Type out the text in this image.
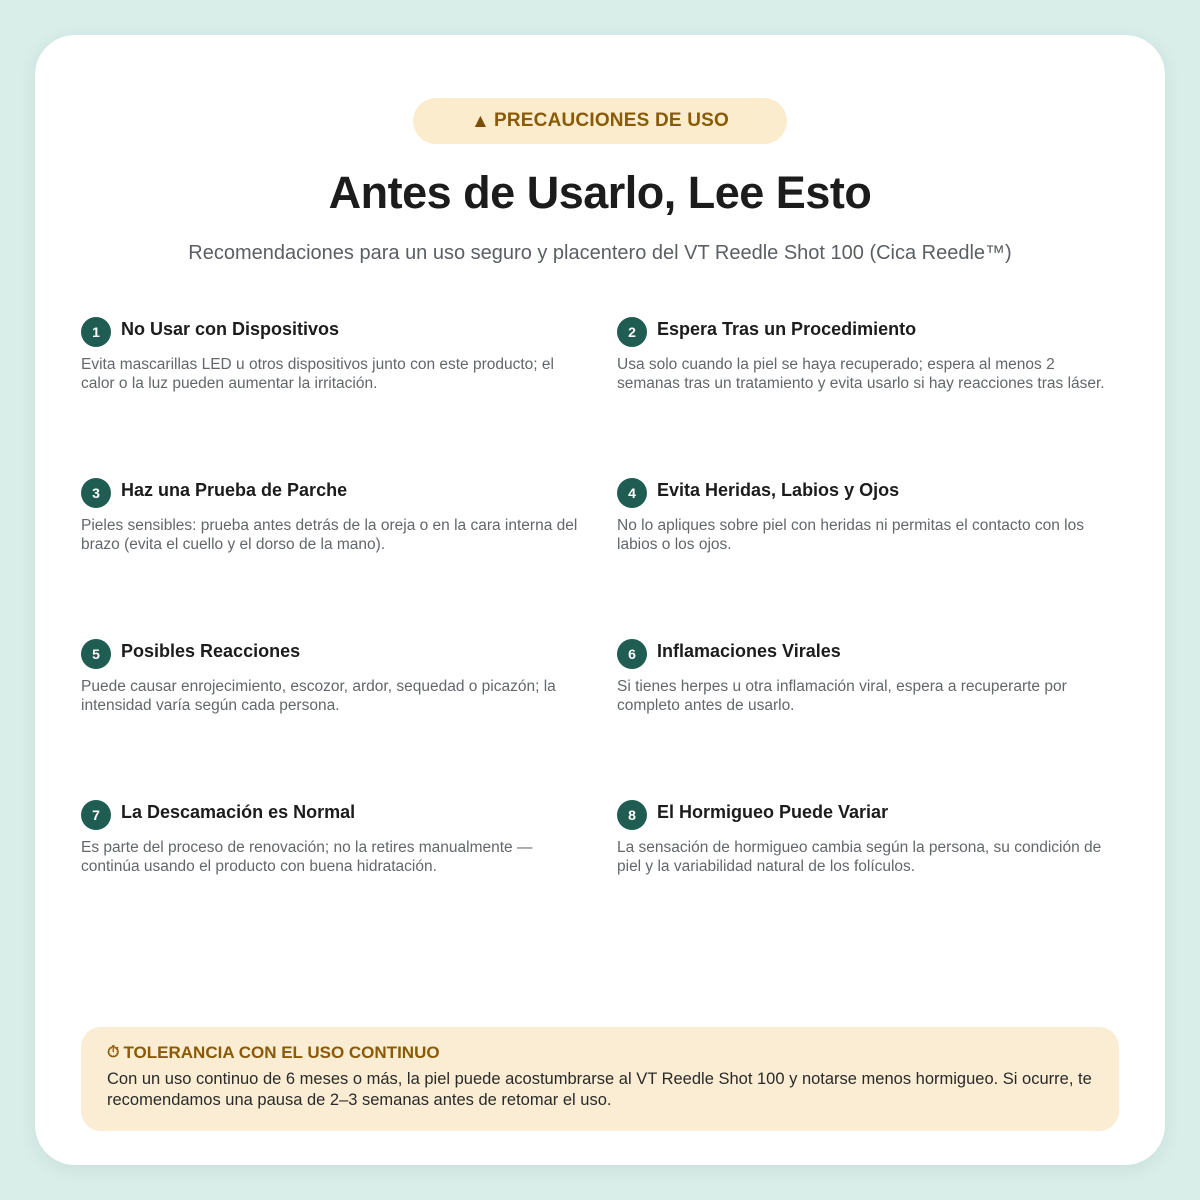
▲ PRECAUCIONES DE USO
Antes de Usarlo, Lee Esto
Recomendaciones para un uso seguro y placentero del VT Reedle Shot 100 (Cica Reedle™)
1	No Usar con Dispositivos
Evita mascarillas LED u otros dispositivos junto con este producto; el calor o la luz pueden aumentar la irritación.
2	Espera Tras un Procedimiento
Usa solo cuando la piel se haya recuperado; espera al menos 2 semanas tras un tratamiento y evita usarlo si hay reacciones tras láser.
3	Haz una Prueba de Parche
Pieles sensibles: prueba antes detrás de la oreja o en la cara interna del brazo (evita el cuello y el dorso de la mano).
4	Evita Heridas, Labios y Ojos
No lo apliques sobre piel con heridas ni permitas el contacto con los labios o los ojos.
5	Posibles Reacciones
Puede causar enrojecimiento, escozor, ardor, sequedad o picazón; la intensidad varía según cada persona.
6	Inflamaciones Virales
Si tienes herpes u otra inflamación viral, espera a recuperarte por completo antes de usarlo.
7	La Descamación es Normal
Es parte del proceso de renovación; no la retires manualmente — continúa usando el producto con buena hidratación.
8	El Hormigueo Puede Variar
La sensación de hormigueo cambia según la persona, su condición de piel y la variabilidad natural de los folículos.
⏱ TOLERANCIA CON EL USO CONTINUO
Con un uso continuo de 6 meses o más, la piel puede acostumbrarse al VT Reedle Shot 100 y notarse menos hormigueo. Si ocurre, te recomendamos una pausa de 2–3 semanas antes de retomar el uso.
